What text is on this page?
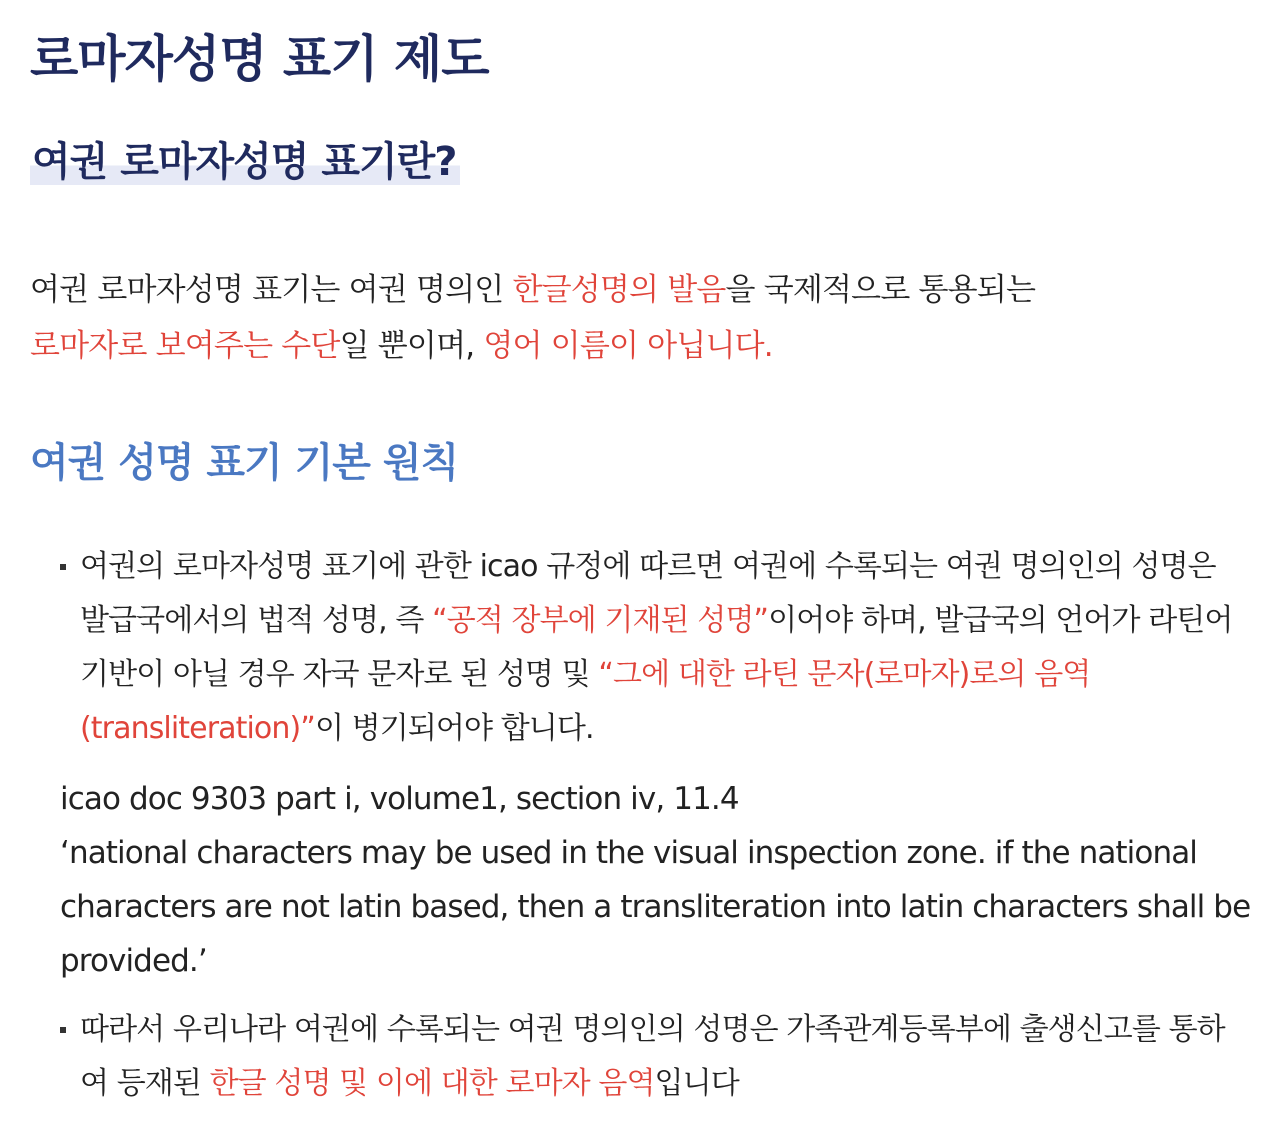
로마자성명 표기 제도
여권 로마자성명 표기란?

여권 로마자성명 표기는 여권 명의인 한글성명의 발음을 국제적으로 통용되는
로마자로 보여주는 수단일 뿐이며, 영어 이름이 아닙니다.

여권 성명 표기 기본 원칙

여권의 로마자성명 표기에 관한 icao 규정에 따르면 여권에 수록되는 여권 명의인의 성명은 발급국에서의 법적 성명, 즉 “공적 장부에 기재된 성명”이어야 하며, 발급국의 언어가 라틴어 기반이 아닐 경우 자국 문자로 된 성명 및 “그에 대한 라틴 문자(로마자)로의 음역(transliteration)”이 병기되어야 합니다.

icao doc 9303 part i, volume1, section iv, 11.4
‘national characters may be used in the visual inspection zone. if the national characters are not latin based, then a transliteration into latin characters shall be provided.’

따라서 우리나라 여권에 수록되는 여권 명의인의 성명은 가족관계등록부에 출생신고를 통하여 등재된 한글 성명 및 이에 대한 로마자 음역입니다
